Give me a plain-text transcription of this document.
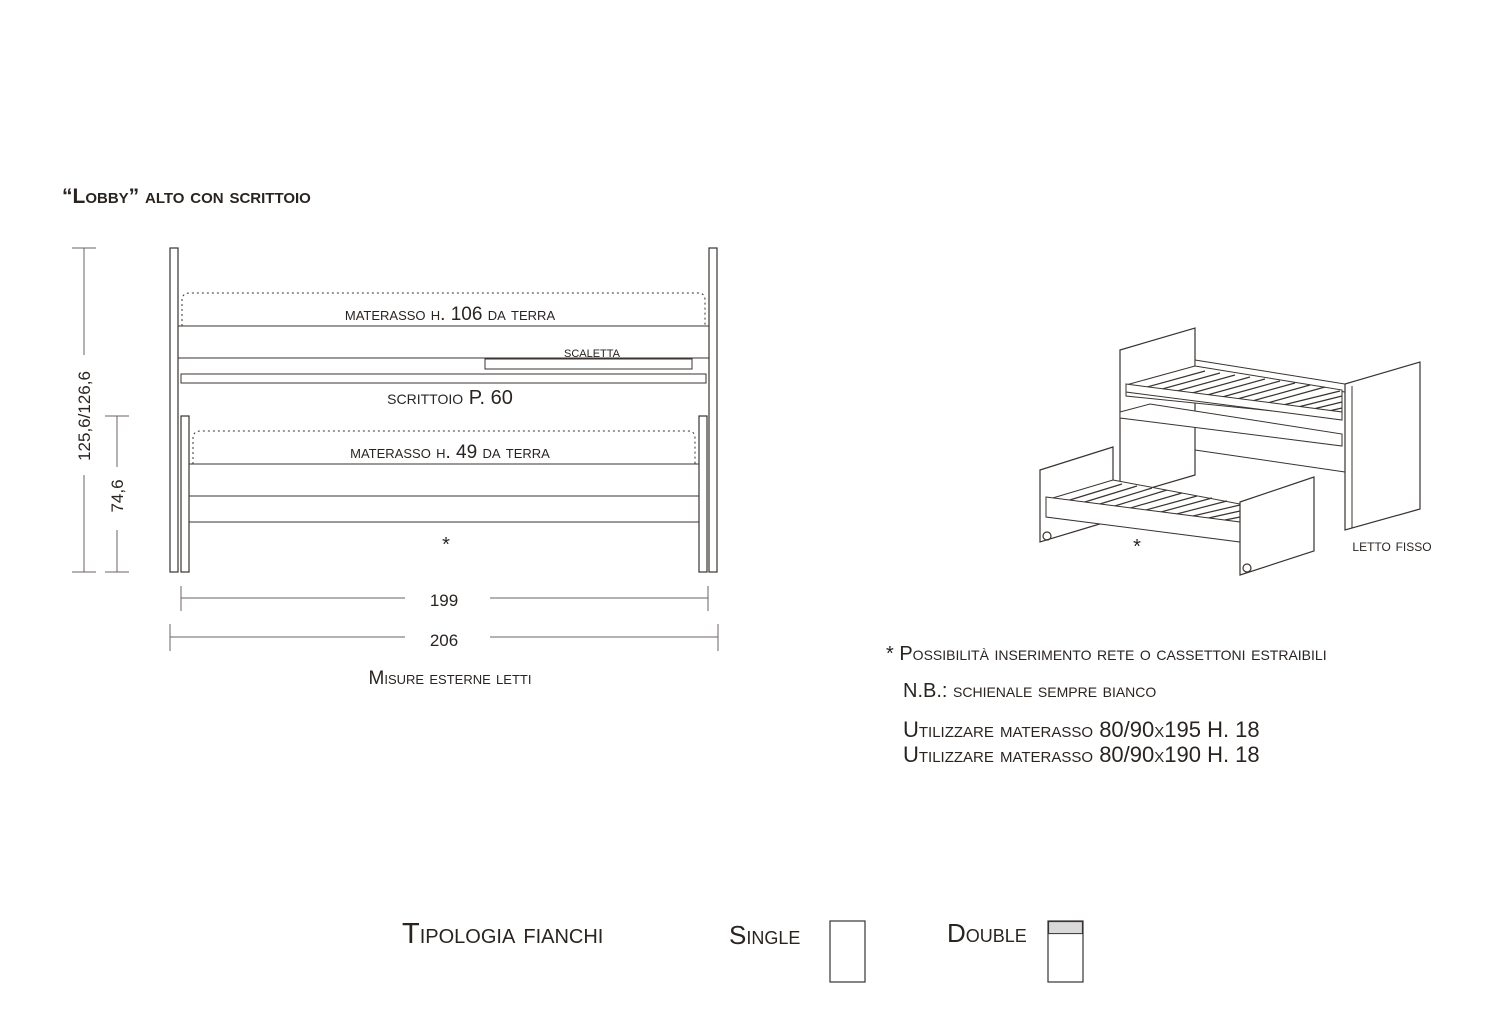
“Lobby” alto con scrittoio
materasso h. 106 da terra
scaletta
scrittoio P. 60
materasso h. 49 da terra
*
125,6/126,6
74,6
199
206
Misure esterne letti
*	letto fisso
* Possibilità inserimento rete o cassettoni estraibili
N.B.: schienale sempre bianco
Utilizzare materasso 80/90x195 H. 18
Utilizzare materasso 80/90x190 H. 18
Tipologia fianchi	Single	Double
